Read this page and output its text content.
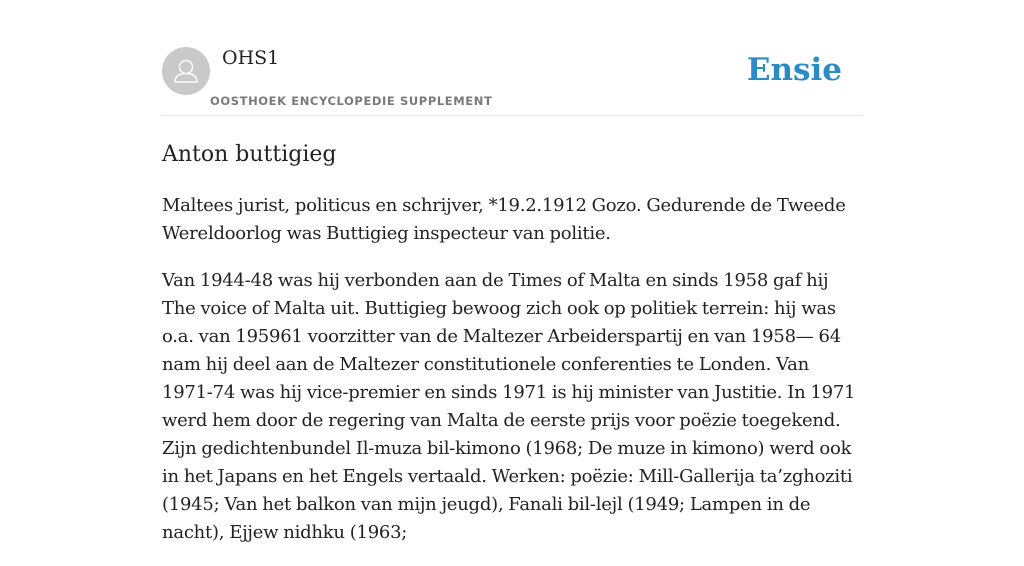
OHS1
OOSTHOEK ENCYCLOPEDIE SUPPLEMENT
Ensie
Anton buttigieg

Maltees jurist, politicus en schrijver, *19.2.1912 Gozo. Gedurende de Tweede Wereldoorlog was Buttigieg inspecteur van politie.

Van 1944-48 was hij verbonden aan de Times of Malta en sinds 1958 gaf hij The voice of Malta uit. Buttigieg bewoog zich ook op politiek terrein: hij was o.a. van 195961 voorzitter van de Maltezer Arbeiderspartij en van 1958— 64 nam hij deel aan de Maltezer constitutionele conferenties te Londen. Van 1971-74 was hij vice-premier en sinds 1971 is hij minister van Justitie. In 1971 werd hem door de regering van Malta de eerste prijs voor poëzie toegekend. Zijn gedichtenbundel Il-muza bil-kimono (1968; De muze in kimono) werd ook in het Japans en het Engels vertaald. Werken: poëzie: Mill-Gallerija ta’zghoziti (1945; Van het balkon van mijn jeugd), Fanali bil-lejl (1949; Lampen in de nacht), Ejjew nidhku (1963;
